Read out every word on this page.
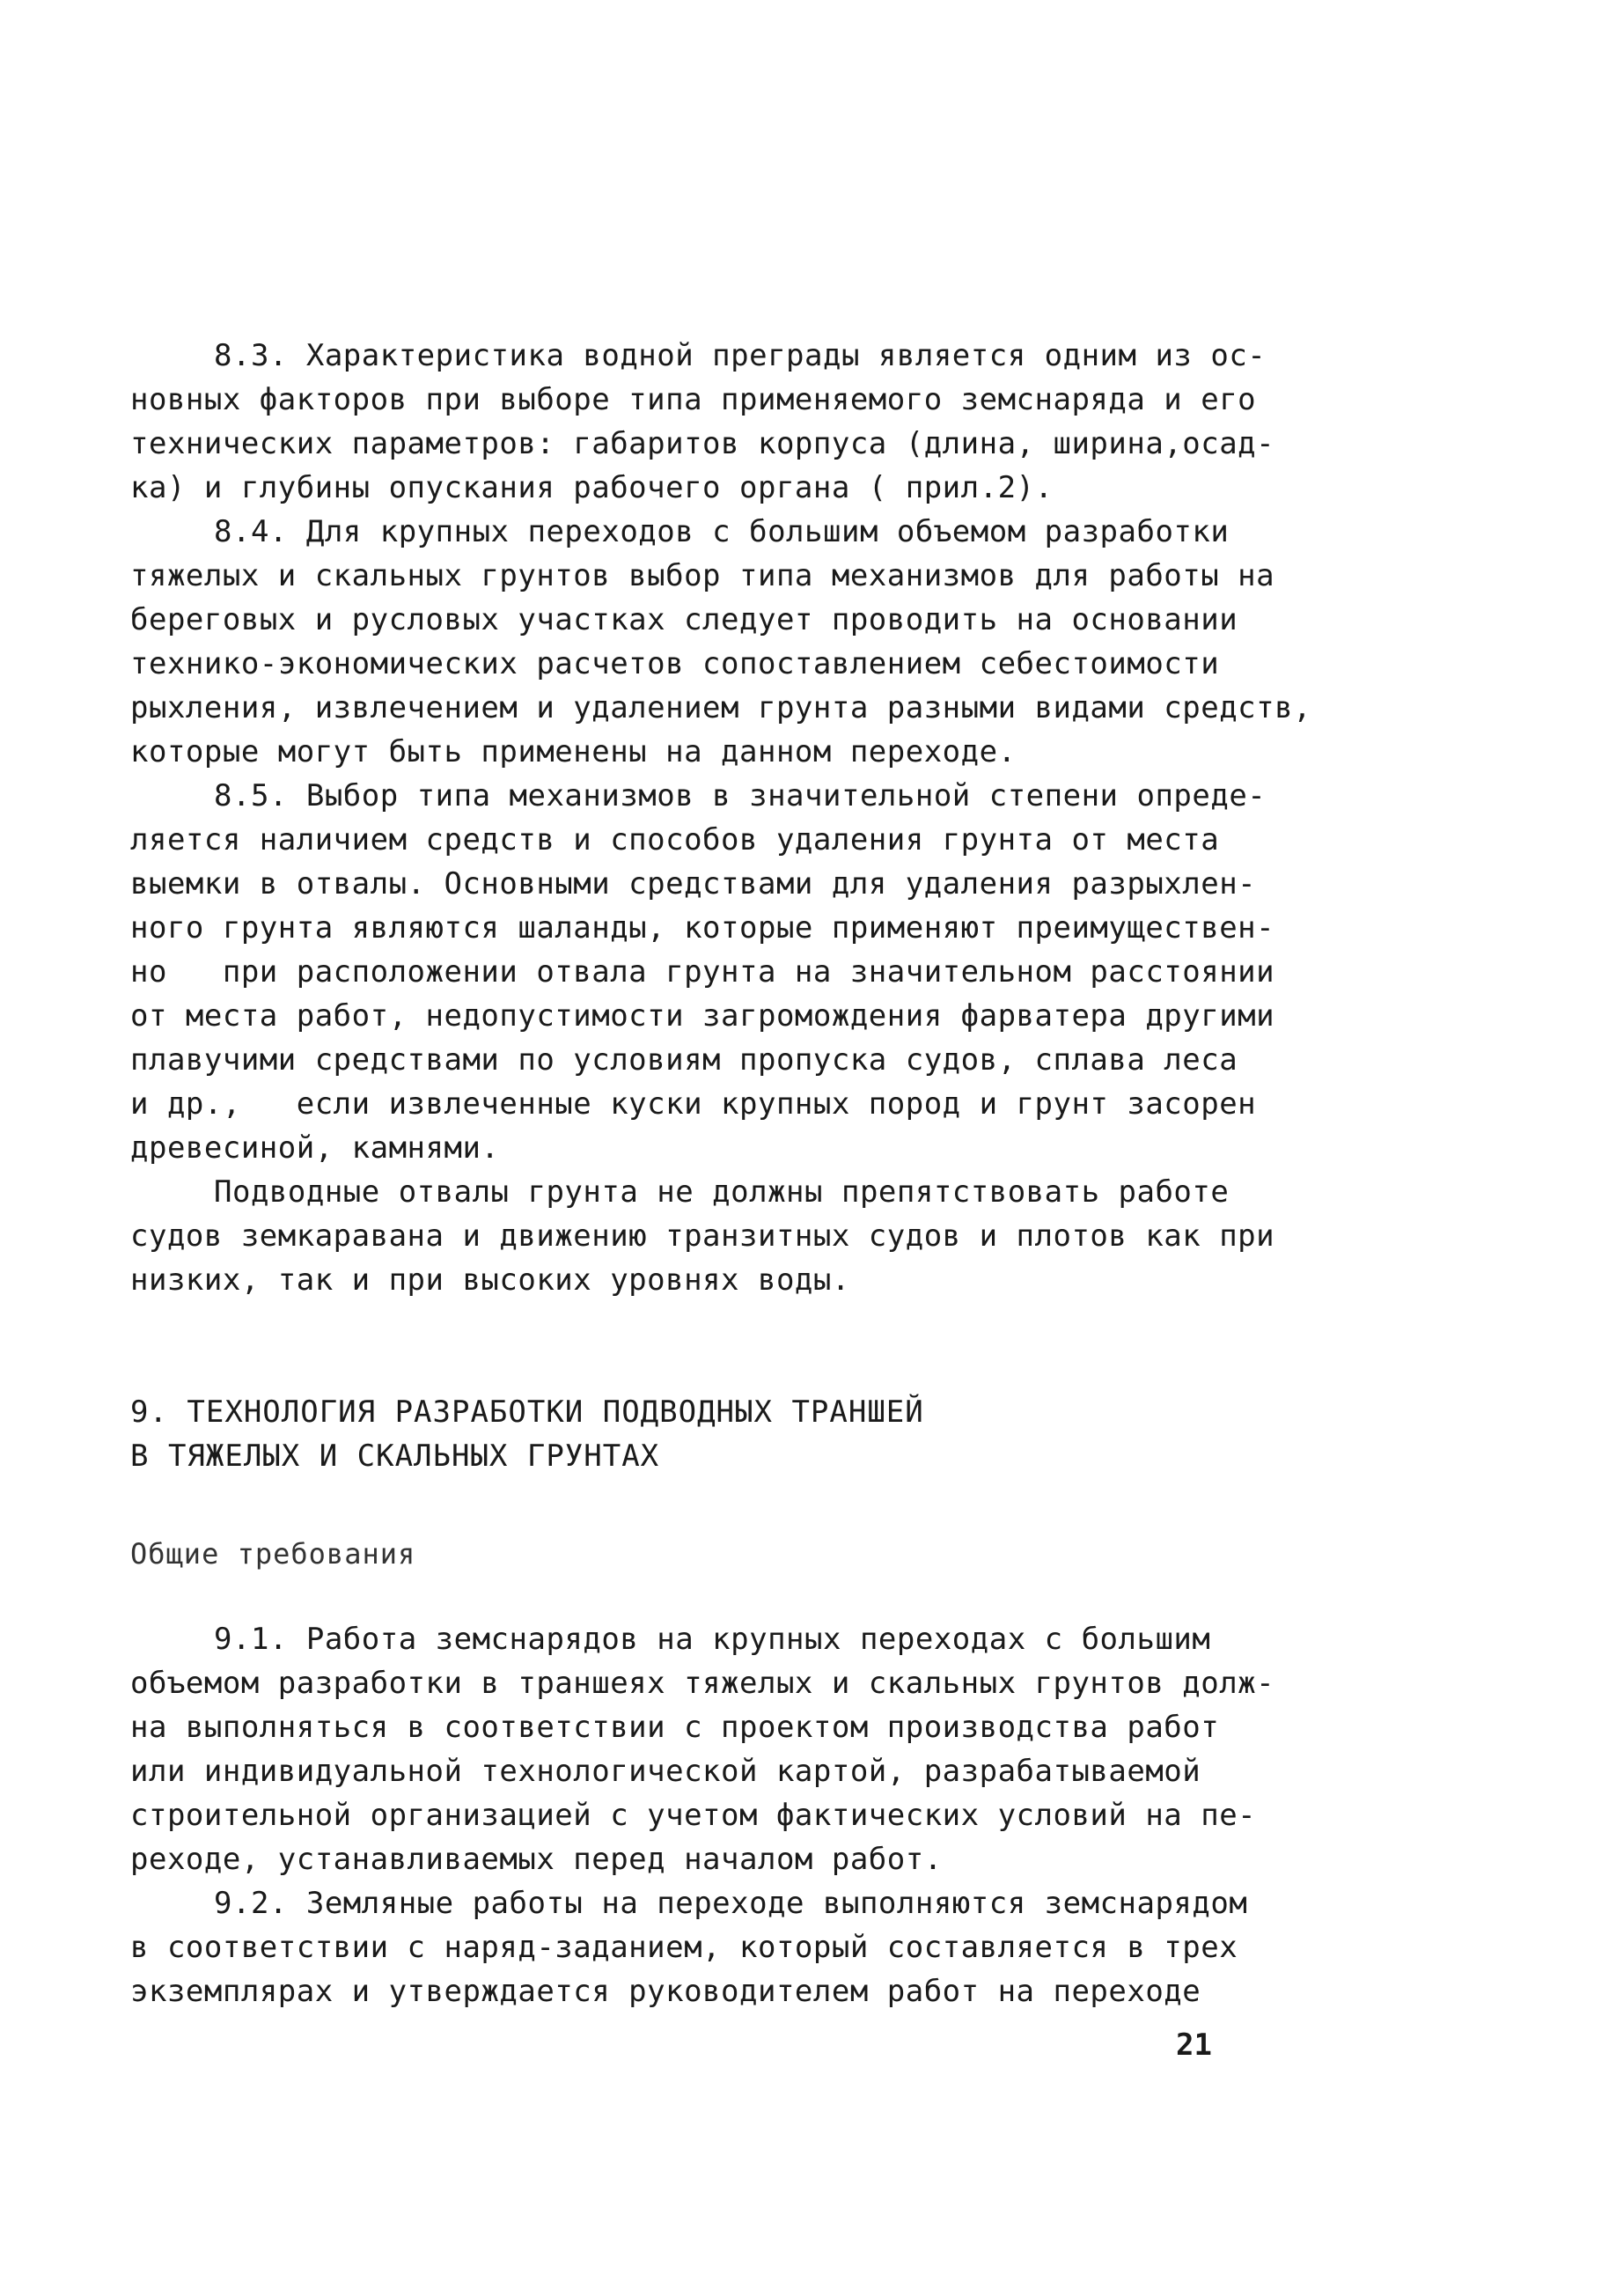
8.3. Характеристика водной преграды является одним из ос-
новных факторов при выборе типа применяемого земснаряда и его
технических параметров: габаритов корпуса (длина, ширина,осад-
ка) и глубины опускания рабочего органа ( прил.2).
8.4. Для крупных переходов с большим объемом разработки
тяжелых и скальных грунтов выбор типа механизмов для работы на
береговых и русловых участках следует проводить на основании
технико-экономических расчетов сопоставлением себестоимости
рыхления, извлечением и удалением грунта разными видами средств,
которые могут быть применены на данном переходе.
8.5. Выбор типа механизмов в значительной степени опреде-
ляется наличием средств и способов удаления грунта от места
выемки в отвалы. Основными средствами для удаления разрыхлен-
ного грунта являются шаланды, которые применяют преимуществен-
но   при расположении отвала грунта на значительном расстоянии
от места работ, недопустимости загромождения фарватера другими
плавучими средствами по условиям пропуска судов, сплава леса
и др.,   если извлеченные куски крупных пород и грунт засорен
древесиной, камнями.
Подводные отвалы грунта не должны препятствовать работе
судов земкаравана и движению транзитных судов и плотов как при
низких, так и при высоких уровнях воды.
9. ТЕХНОЛОГИЯ РАЗРАБОТКИ ПОДВОДНЫХ ТРАНШЕЙ
В ТЯЖЕЛЫХ И СКАЛЬНЫХ ГРУНТАХ
Общие требования
9.1. Работа земснарядов на крупных переходах с большим
объемом разработки в траншеях тяжелых и скальных грунтов долж-
на выполняться в соответствии с проектом производства работ
или индивидуальной технологической картой, разрабатываемой
строительной организацией с учетом фактических условий на пе-
реходе, устанавливаемых перед началом работ.
9.2. Земляные работы на переходе выполняются земснарядом
в соответствии с наряд-заданием, который составляется в трех
экземплярах и утверждается руководителем работ на переходе
21
